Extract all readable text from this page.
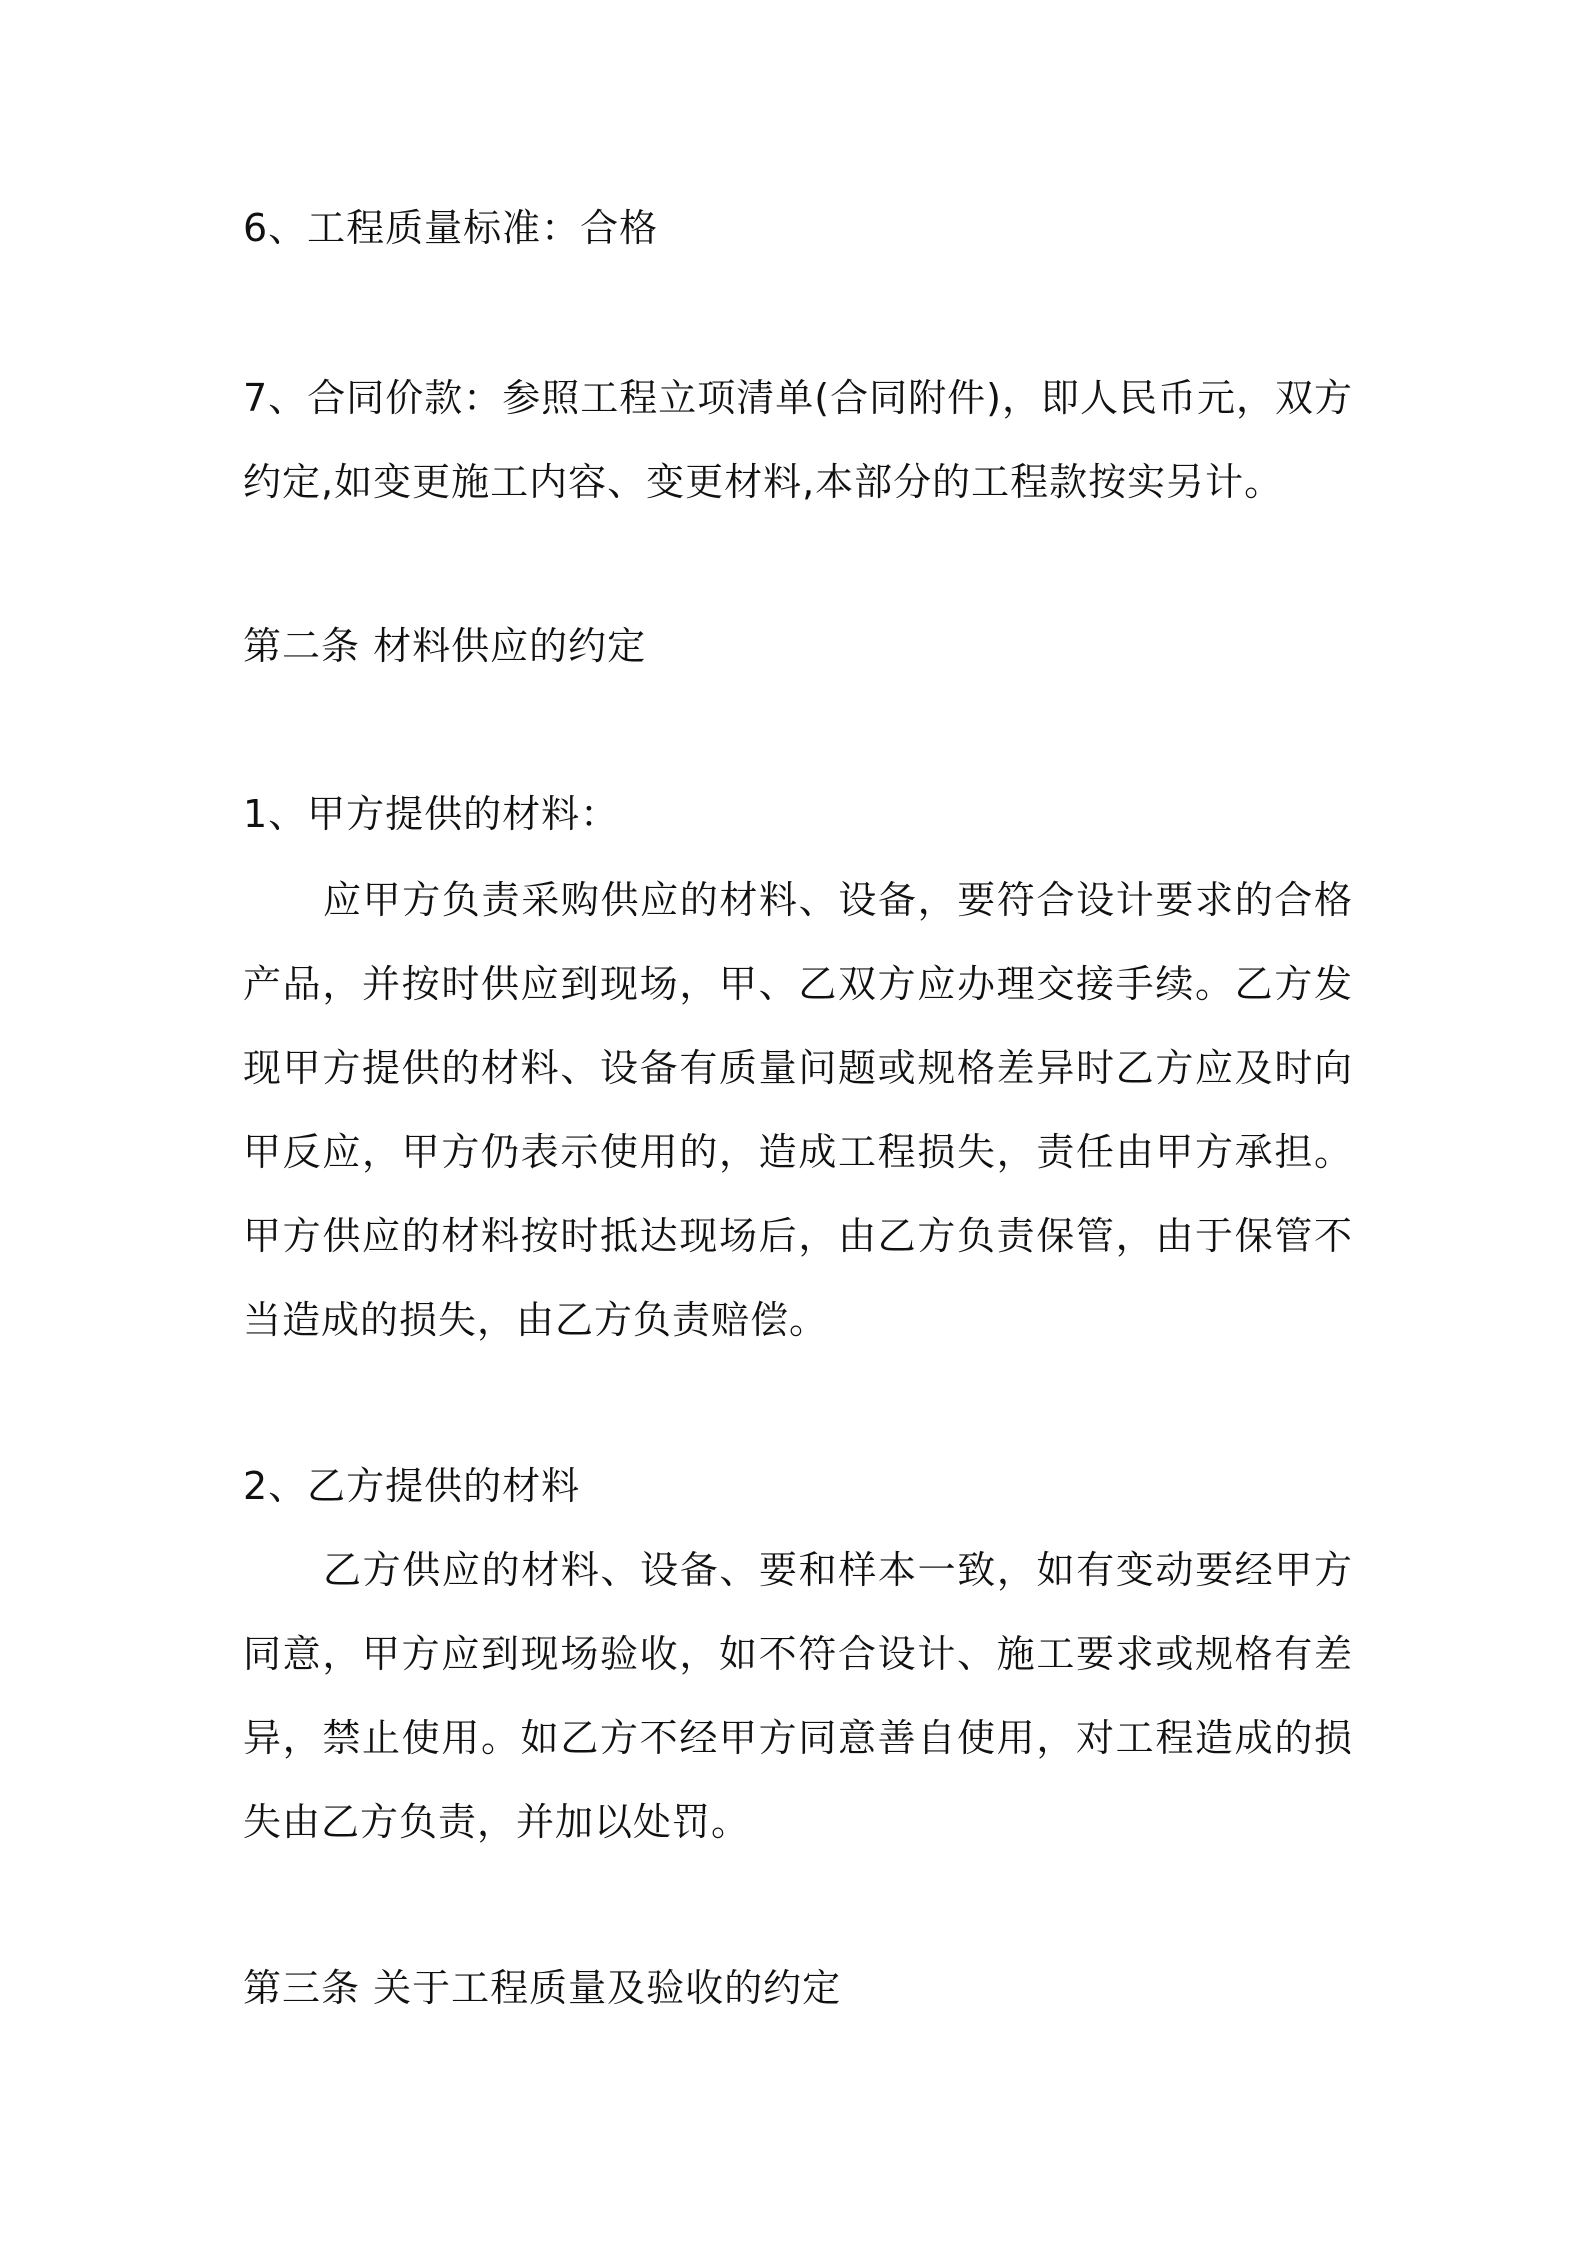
6、工程质量标准：合格
7、合同价款：参照工程立项清单(合同附件)，即人民币元，双方约定,如变更施工内容、变更材料,本部分的工程款按实另计。
第二条 材料供应的约定
1、甲方提供的材料：
应甲方负责采购供应的材料、设备，要符合设计要求的合格产品，并按时供应到现场，甲、乙双方应办理交接手续。乙方发现甲方提供的材料、设备有质量问题或规格差异时乙方应及时向甲反应，甲方仍表示使用的，造成工程损失，责任由甲方承担。甲方供应的材料按时抵达现场后，由乙方负责保管，由于保管不当造成的损失，由乙方负责赔偿。
2、乙方提供的材料
乙方供应的材料、设备、要和样本一致，如有变动要经甲方同意，甲方应到现场验收，如不符合设计、施工要求或规格有差异，禁止使用。如乙方不经甲方同意善自使用，对工程造成的损失由乙方负责，并加以处罚。
第三条 关于工程质量及验收的约定
